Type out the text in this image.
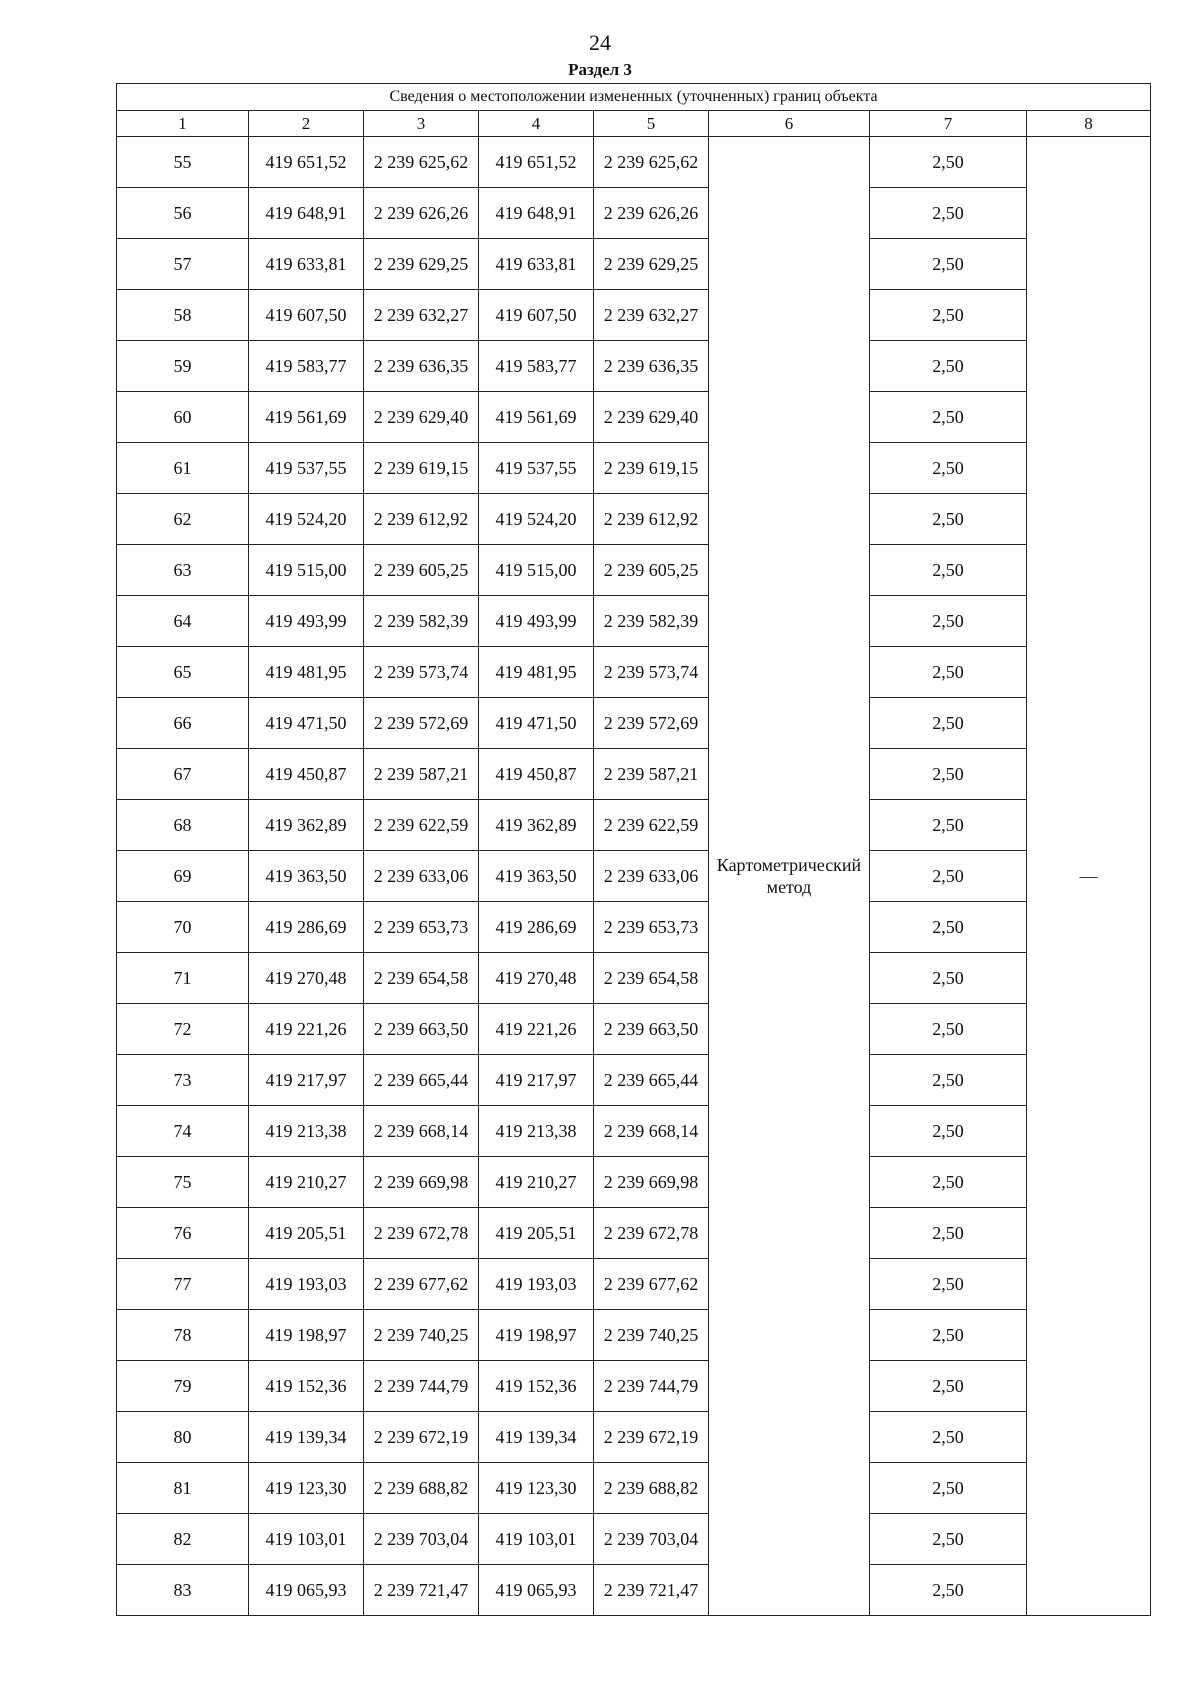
24
Раздел 3
Сведения о местоположении измененных (уточненных) границ объекта							
1	2	3	4	5	6	7	8
55	419 651,52	2 239 625,62	419 651,52	2 239 625,62	Картометрический метод	2,50	—
56	419 648,91	2 239 626,26	419 648,91	2 239 626,26		2,50	
57	419 633,81	2 239 629,25	419 633,81	2 239 629,25		2,50	
58	419 607,50	2 239 632,27	419 607,50	2 239 632,27		2,50	
59	419 583,77	2 239 636,35	419 583,77	2 239 636,35		2,50	
60	419 561,69	2 239 629,40	419 561,69	2 239 629,40		2,50	
61	419 537,55	2 239 619,15	419 537,55	2 239 619,15		2,50	
62	419 524,20	2 239 612,92	419 524,20	2 239 612,92		2,50	
63	419 515,00	2 239 605,25	419 515,00	2 239 605,25		2,50	
64	419 493,99	2 239 582,39	419 493,99	2 239 582,39		2,50	
65	419 481,95	2 239 573,74	419 481,95	2 239 573,74		2,50	
66	419 471,50	2 239 572,69	419 471,50	2 239 572,69		2,50	
67	419 450,87	2 239 587,21	419 450,87	2 239 587,21		2,50	
68	419 362,89	2 239 622,59	419 362,89	2 239 622,59		2,50	
69	419 363,50	2 239 633,06	419 363,50	2 239 633,06		2,50	
70	419 286,69	2 239 653,73	419 286,69	2 239 653,73		2,50	
71	419 270,48	2 239 654,58	419 270,48	2 239 654,58		2,50	
72	419 221,26	2 239 663,50	419 221,26	2 239 663,50		2,50	
73	419 217,97	2 239 665,44	419 217,97	2 239 665,44		2,50	
74	419 213,38	2 239 668,14	419 213,38	2 239 668,14		2,50	
75	419 210,27	2 239 669,98	419 210,27	2 239 669,98		2,50	
76	419 205,51	2 239 672,78	419 205,51	2 239 672,78		2,50	
77	419 193,03	2 239 677,62	419 193,03	2 239 677,62		2,50	
78	419 198,97	2 239 740,25	419 198,97	2 239 740,25		2,50	
79	419 152,36	2 239 744,79	419 152,36	2 239 744,79		2,50	
80	419 139,34	2 239 672,19	419 139,34	2 239 672,19		2,50	
81	419 123,30	2 239 688,82	419 123,30	2 239 688,82		2,50	
82	419 103,01	2 239 703,04	419 103,01	2 239 703,04		2,50	
83	419 065,93	2 239 721,47	419 065,93	2 239 721,47		2,50	
